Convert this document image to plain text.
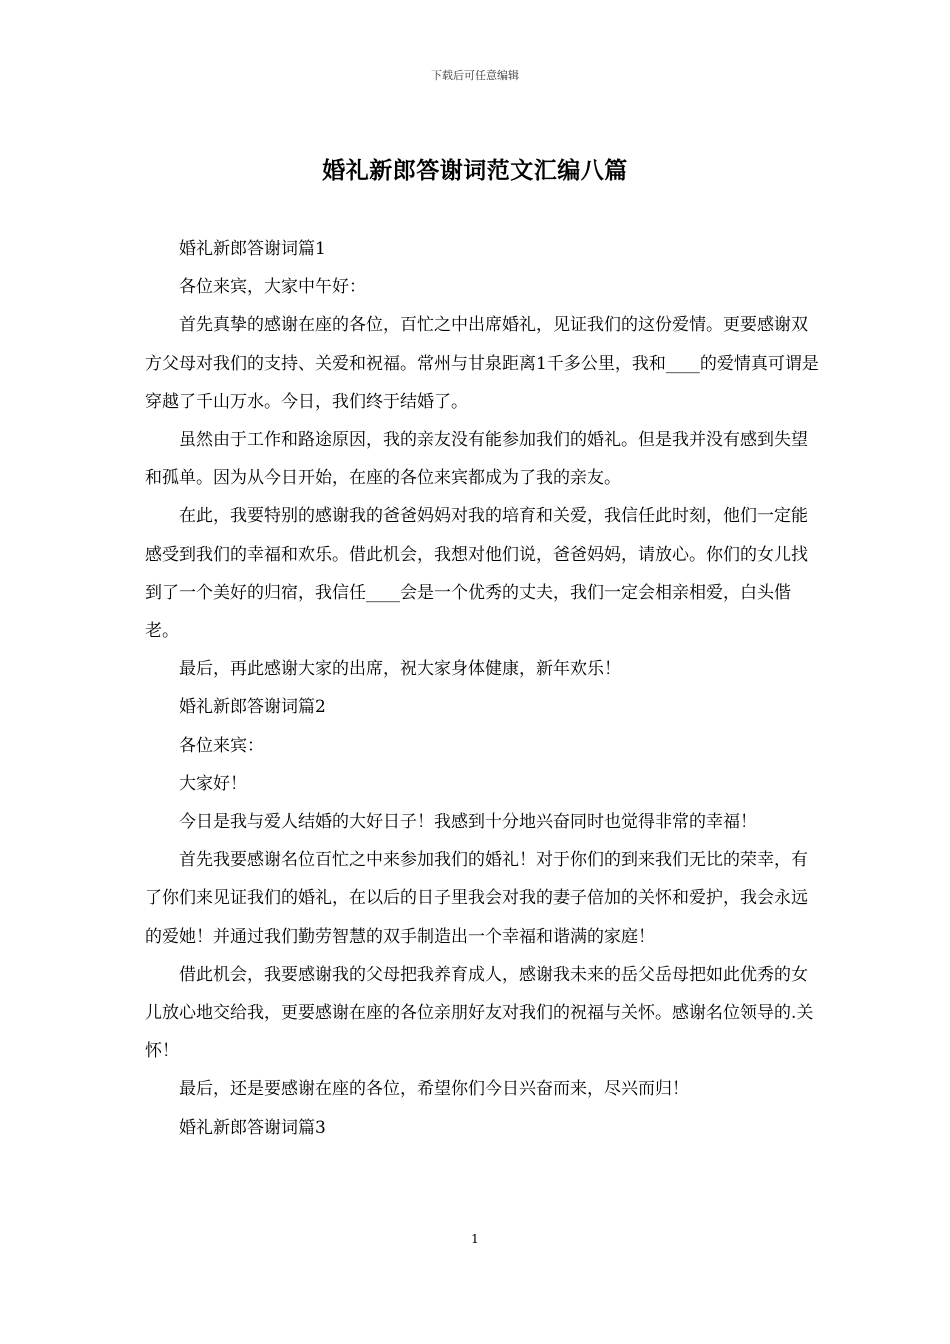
下载后可任意编辑
婚礼新郎答谢词范文汇编八篇

婚礼新郎答谢词篇1

各位来宾，大家中午好：

首先真挚的感谢在座的各位，百忙之中出席婚礼，见证我们的这份爱情。更要感谢双方父母对我们的支持、关爱和祝福。常州与甘泉距离1千多公里，我和____的爱情真可谓是穿越了千山万水。今日，我们终于结婚了。

虽然由于工作和路途原因，我的亲友没有能参加我们的婚礼。但是我并没有感到失望和孤单。因为从今日开始，在座的各位来宾都成为了我的亲友。

在此，我要特别的感谢我的爸爸妈妈对我的培育和关爱，我信任此时刻，他们一定能感受到我们的幸福和欢乐。借此机会，我想对他们说，爸爸妈妈，请放心。你们的女儿找到了一个美好的归宿，我信任____会是一个优秀的丈夫，我们一定会相亲相爱，白头偕老。

最后，再此感谢大家的出席，祝大家身体健康，新年欢乐！

婚礼新郎答谢词篇2

各位来宾：

大家好！

今日是我与爱人结婚的大好日子！我感到十分地兴奋同时也觉得非常的幸福！

首先我要感谢名位百忙之中来参加我们的婚礼！对于你们的到来我们无比的荣幸，有了你们来见证我们的婚礼，在以后的日子里我会对我的妻子倍加的关怀和爱护，我会永远的爱她！并通过我们勤劳智慧的双手制造出一个幸福和谐满的家庭！

借此机会，我要感谢我的父母把我养育成人，感谢我未来的岳父岳母把如此优秀的女儿放心地交给我，更要感谢在座的各位亲朋好友对我们的祝福与关怀。感谢名位领导的.关怀！

最后，还是要感谢在座的各位，希望你们今日兴奋而来，尽兴而归！

婚礼新郎答谢词篇3

1
